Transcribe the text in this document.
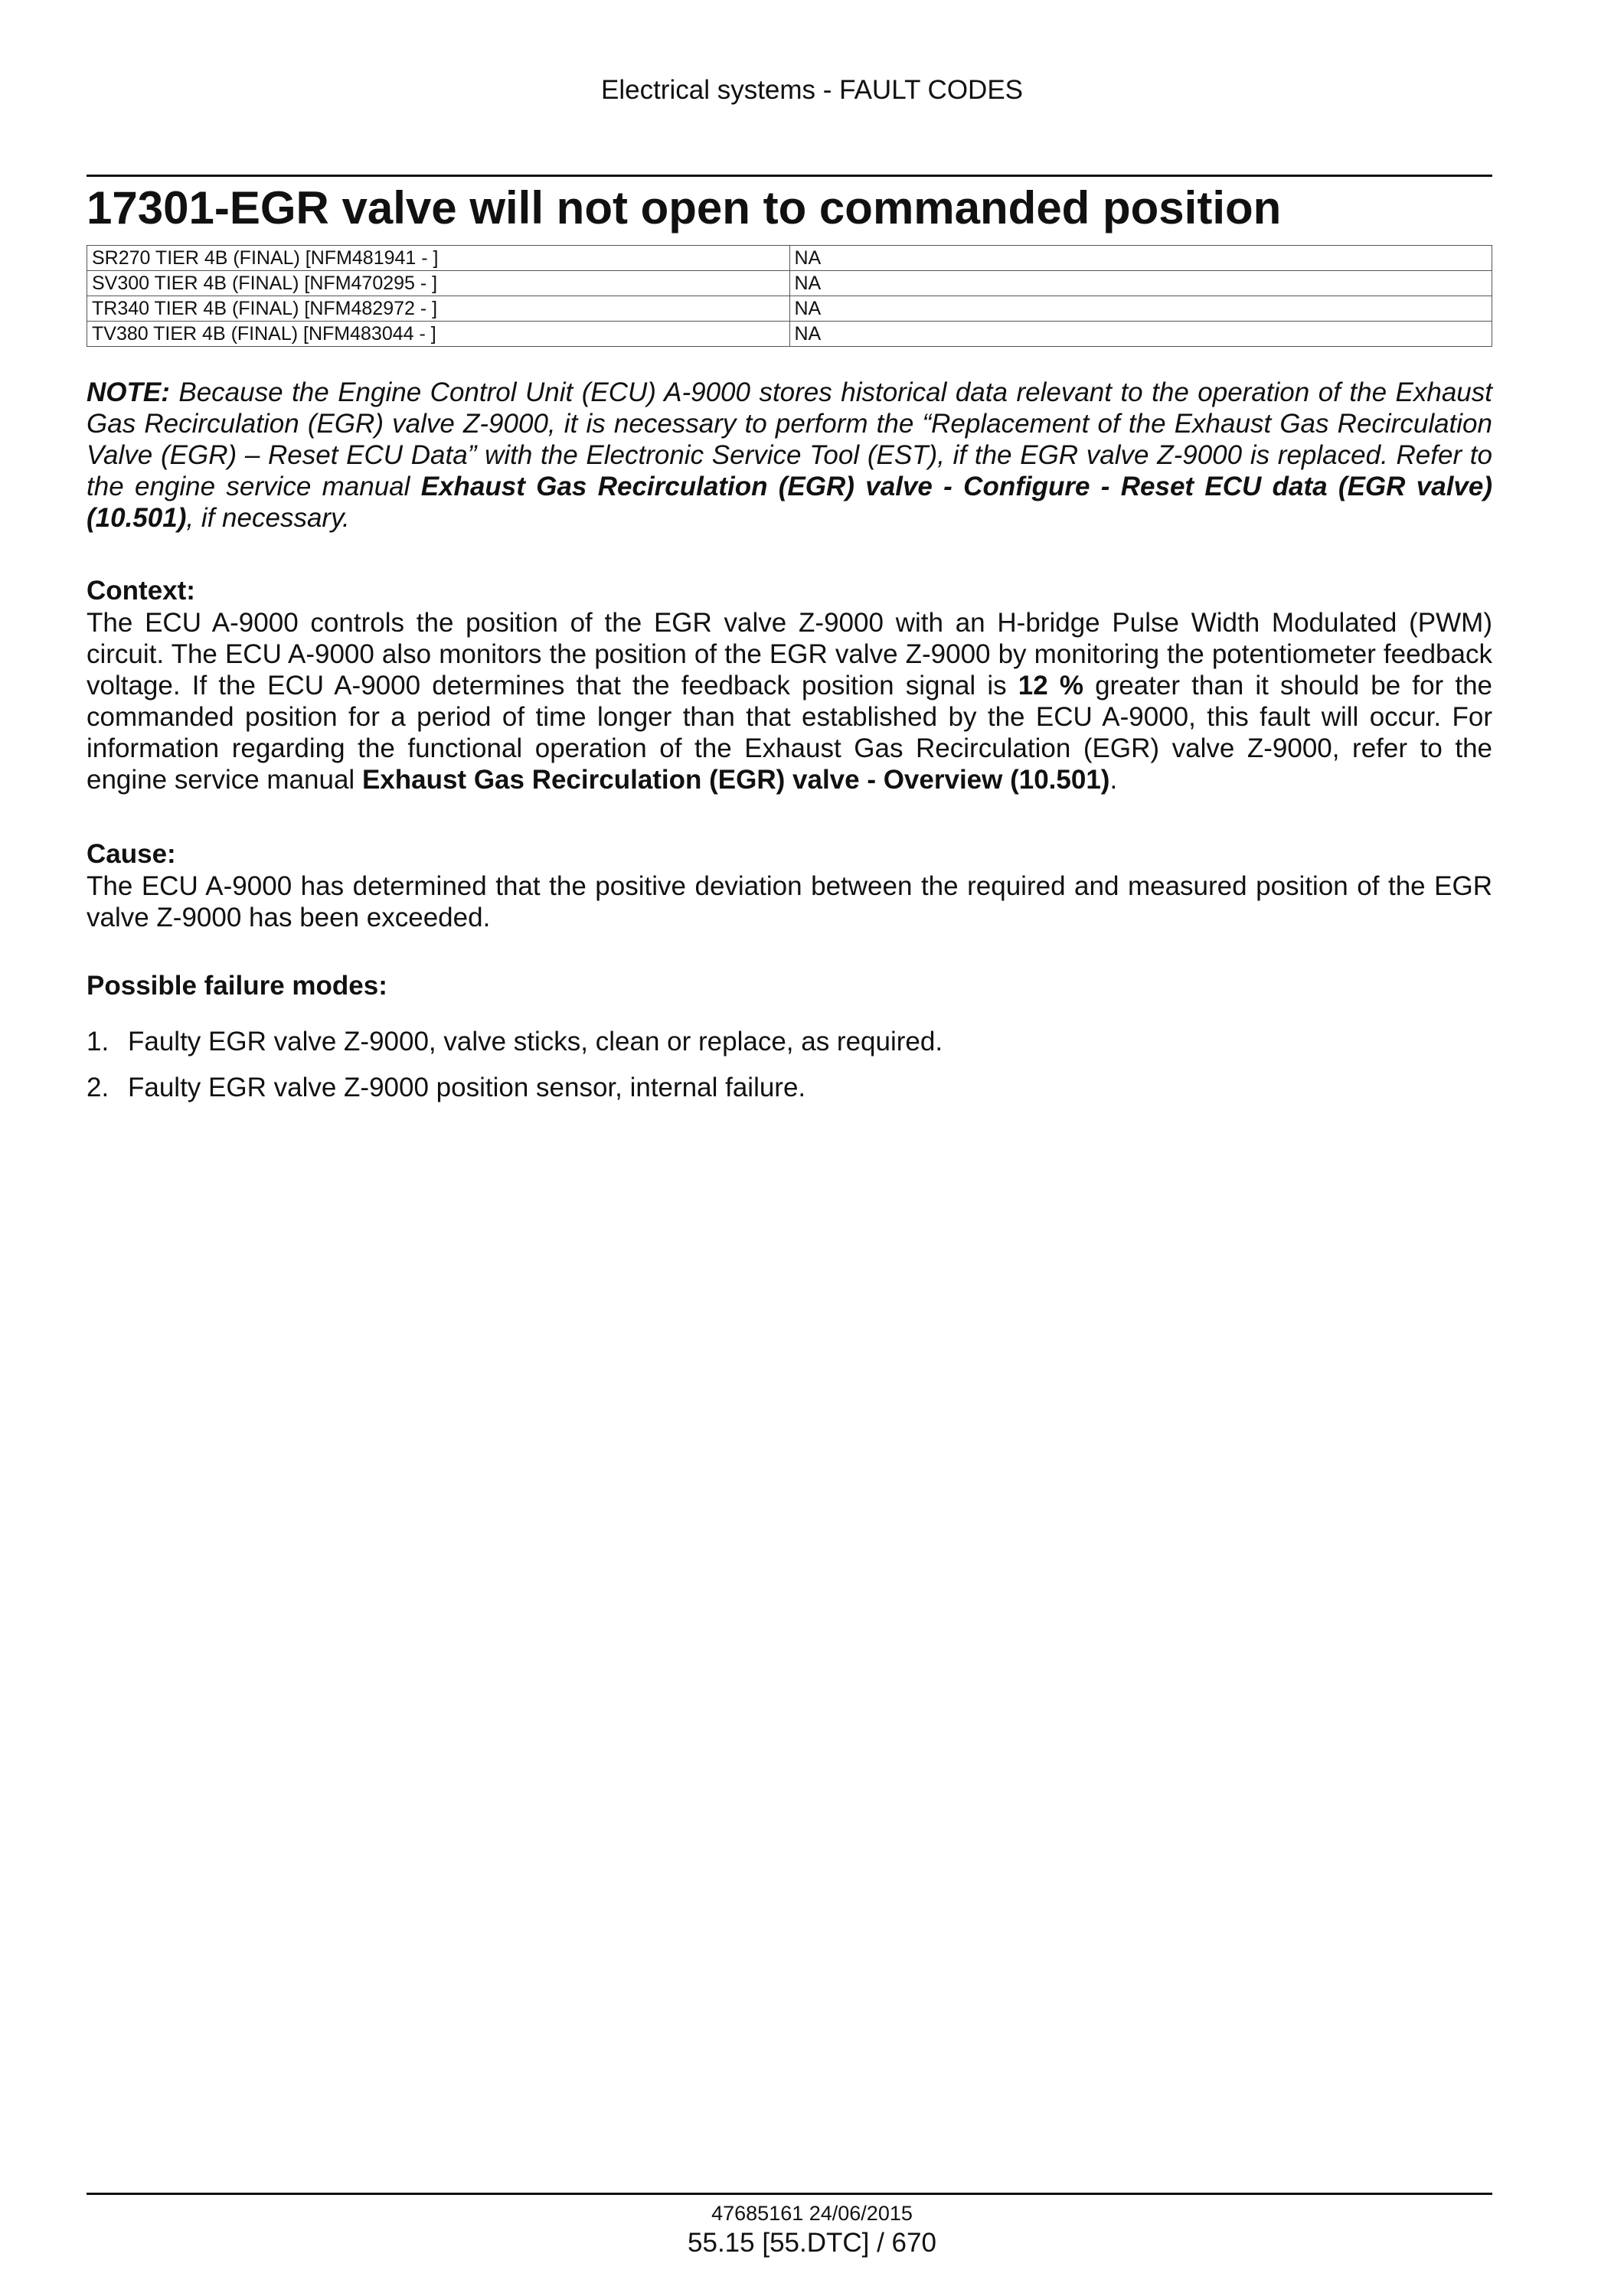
Electrical systems - FAULT CODES
17301-EGR valve will not open to commanded position
SR270 TIER 4B (FINAL) [NFM481941 - ]	NA
SV300 TIER 4B (FINAL) [NFM470295 - ]	NA
TR340 TIER 4B (FINAL) [NFM482972 - ]	NA
TV380 TIER 4B (FINAL) [NFM483044 - ]	NA

NOTE: Because the Engine Control Unit (ECU) A-9000 stores historical data relevant to the operation of the Exhaust Gas Recirculation (EGR) valve Z-9000, it is necessary to perform the “Replacement of the Exhaust Gas Recirculation Valve (EGR) – Reset ECU Data” with the Electronic Service Tool (EST), if the EGR valve Z-9000 is replaced. Refer to the engine service manual Exhaust Gas Recirculation (EGR) valve - Configure - Reset ECU data (EGR valve) (10.501), if necessary.

Context:

The ECU A-9000 controls the position of the EGR valve Z-9000 with an H-bridge Pulse Width Modulated (PWM) circuit. The ECU A-9000 also monitors the position of the EGR valve Z-9000 by monitoring the potentiometer feedback voltage. If the ECU A-9000 determines that the feedback position signal is 12 % greater than it should be for the commanded position for a period of time longer than that established by the ECU A-9000, this fault will occur. For information regarding the functional operation of the Exhaust Gas Recirculation (EGR) valve Z-9000, refer to the engine service manual Exhaust Gas Recirculation (EGR) valve - Overview (10.501).

Cause:

The ECU A-9000 has determined that the positive deviation between the required and measured position of the EGR valve Z-9000 has been exceeded.

Possible failure modes:

1. Faulty EGR valve Z-9000, valve sticks, clean or replace, as required.
2. Faulty EGR valve Z-9000 position sensor, internal failure.
47685161 24/06/2015
55.15 [55.DTC] / 670
